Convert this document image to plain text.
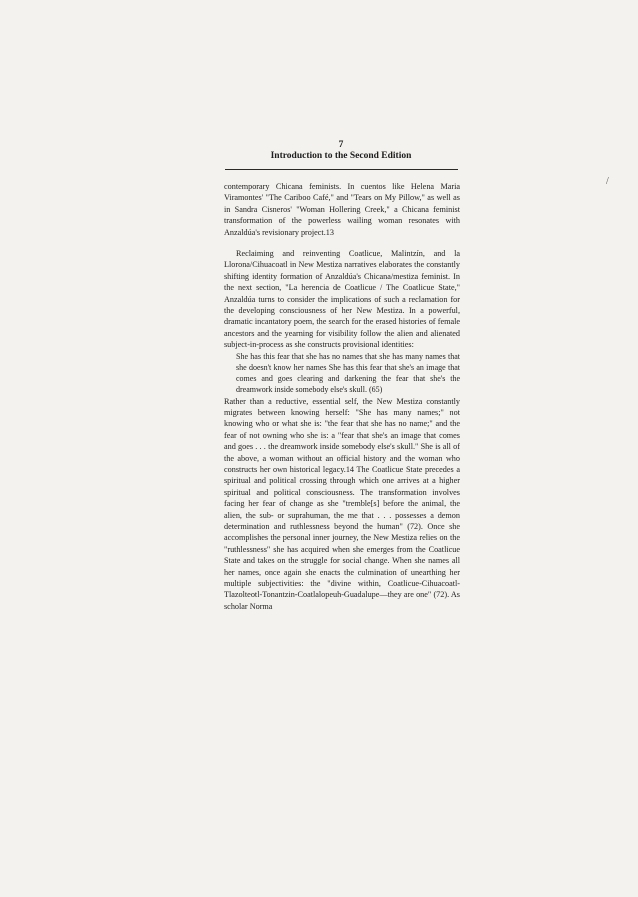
7
Introduction to the Second Edition
/

contemporary Chicana feminists. In cuentos like Helena Maria Viramontes' "The Cariboo Café," and "Tears on My Pillow," as well as in Sandra Cisneros' "Woman Hollering Creek," a Chicana feminist transformation of the powerless wailing woman resonates with Anzaldúa's revisionary project.13

Reclaiming and reinventing Coatlicue, Malintzín, and la Llorona/Cihuacoatl in New Mestiza narratives elaborates the constantly shifting identity formation of Anzaldúa's Chicana/mestiza feminist. In the next section, "La herencia de Coatlicue / The Coatlicue State," Anzaldúa turns to consider the implications of such a reclamation for the developing consciousness of her New Mestiza. In a powerful, dramatic incantatory poem, the search for the erased histories of female ancestors and the yearning for visibility follow the alien and alienated subject-in-process as she constructs provisional identities:

She has this fear that she has no names that she has many names that she doesn't know her names She has this fear that she's an image that comes and goes clearing and darkening the fear that she's the dreamwork inside somebody else's skull. (65)

Rather than a reductive, essential self, the New Mestiza constantly migrates between knowing herself: "She has many names;" not knowing who or what she is: "the fear that she has no name;" and the fear of not owning who she is: a "fear that she's an image that comes and goes . . . the dreamwork inside somebody else's skull." She is all of the above, a woman without an official history and the woman who constructs her own historical legacy.14 The Coatlicue State precedes a spiritual and political crossing through which one arrives at a higher spiritual and political consciousness. The transformation involves facing her fear of change as she "tremble[s] before the animal, the alien, the sub- or suprahuman, the me that . . . possesses a demon determination and ruthlessness beyond the human" (72). Once she accomplishes the personal inner journey, the New Mestiza relies on the "ruthlessness" she has acquired when she emerges from the Coatlicue State and takes on the struggle for social change. When she names all her names, once again she enacts the culmination of unearthing her multiple subjectivities: the "divine within, Coatlicue-Cihuacoatl-Tlazolteotl-Tonantzin-Coatlalopeuh-Guadalupe—they are one" (72). As scholar Norma
